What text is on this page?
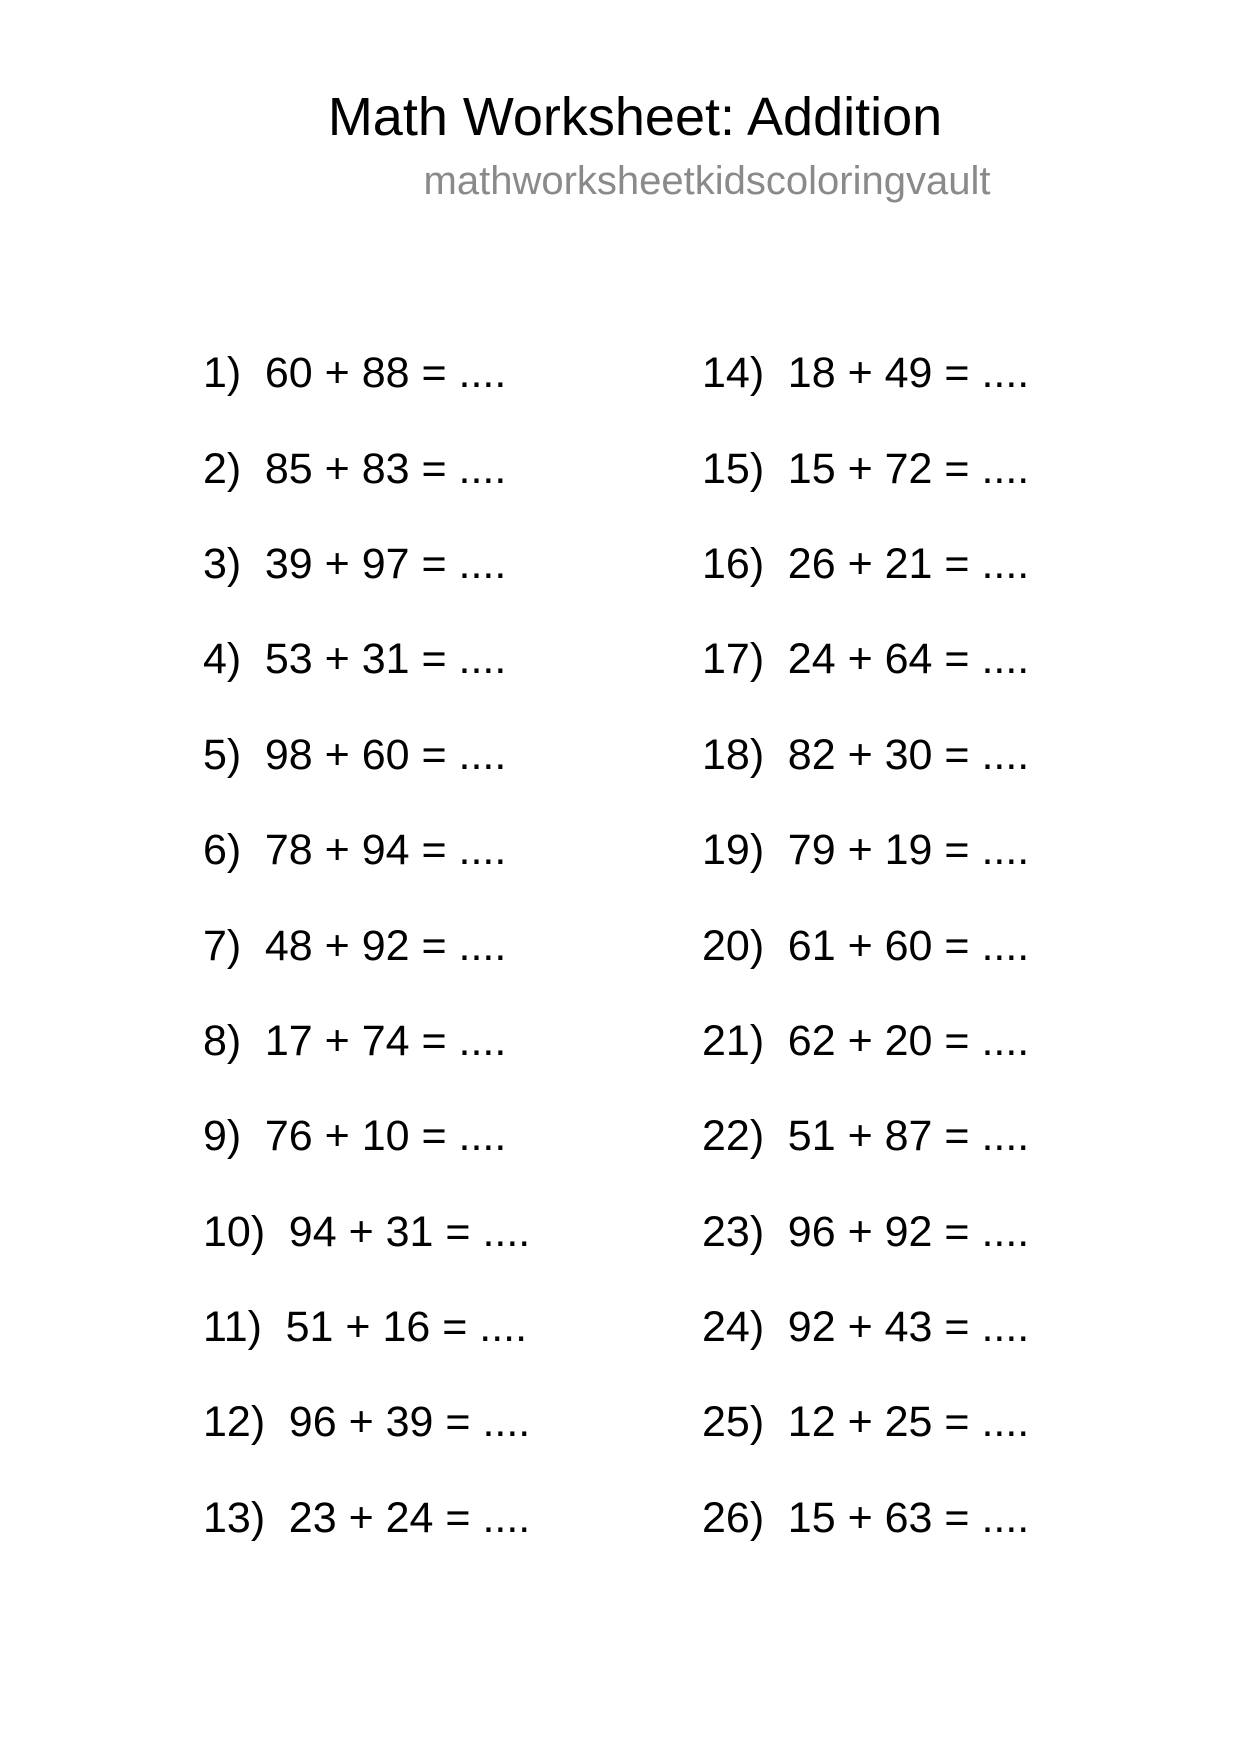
Math Worksheet: Addition
mathworksheetkidscoloringvault
1) 60 + 88 = ....
2) 85 + 83 = ....
3) 39 + 97 = ....
4) 53 + 31 = ....
5) 98 + 60 = ....
6) 78 + 94 = ....
7) 48 + 92 = ....
8) 17 + 74 = ....
9) 76 + 10 = ....
10) 94 + 31 = ....
11) 51 + 16 = ....
12) 96 + 39 = ....
13) 23 + 24 = ....
14) 18 + 49 = ....
15) 15 + 72 = ....
16) 26 + 21 = ....
17) 24 + 64 = ....
18) 82 + 30 = ....
19) 79 + 19 = ....
20) 61 + 60 = ....
21) 62 + 20 = ....
22) 51 + 87 = ....
23) 96 + 92 = ....
24) 92 + 43 = ....
25) 12 + 25 = ....
26) 15 + 63 = ....
